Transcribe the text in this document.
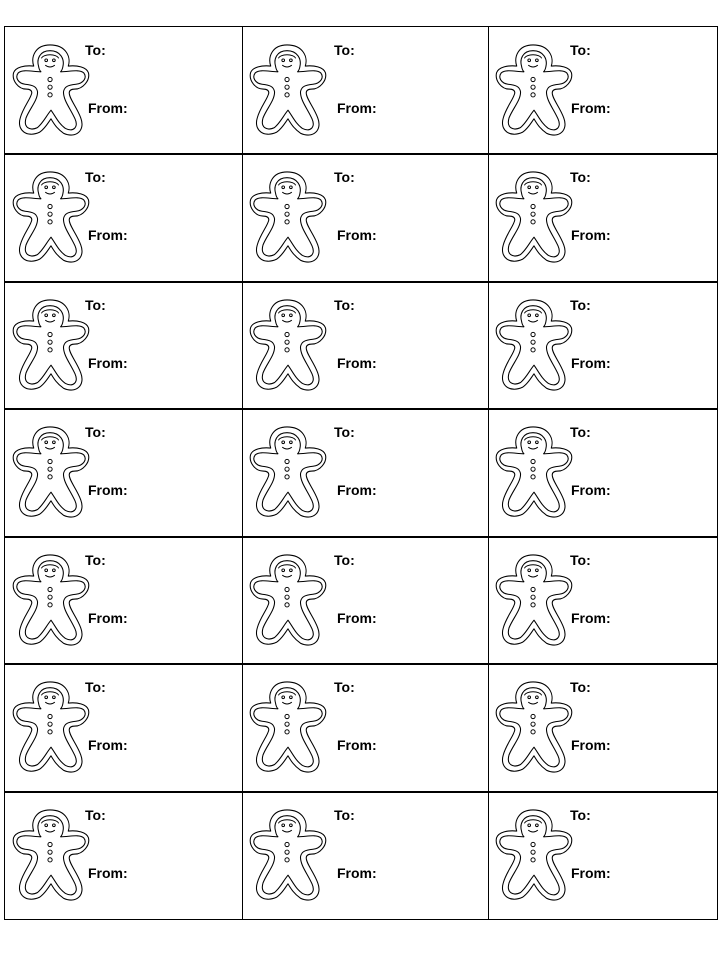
To:
From:
To:
From:
To:
From:
To:
From:
To:
From:
To:
From:
To:
From:
To:
From:
To:
From:
To:
From:
To:
From:
To:
From:
To:
From:
To:
From:
To:
From:
To:
From:
To:
From:
To:
From:
To:
From:
To:
From:
To:
From:
